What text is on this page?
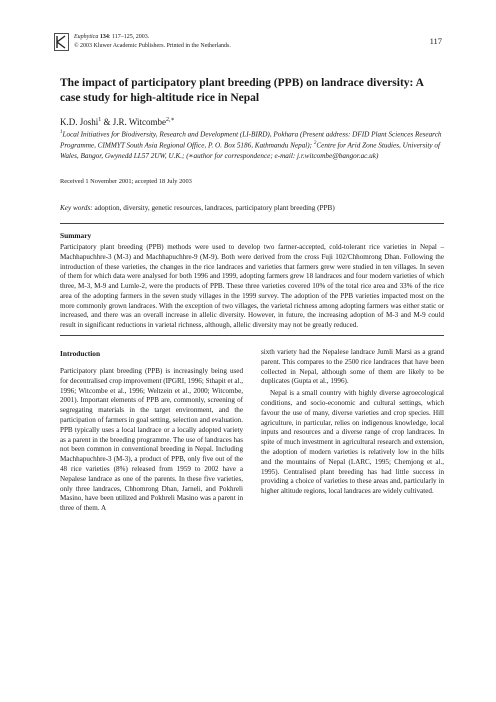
Euphytica 134: 117–125, 2003.
© 2003 Kluwer Academic Publishers. Printed in the Netherlands.	117
The impact of participatory plant breeding (PPB) on landrace diversity: A case study for high-altitude rice in Nepal
K.D. Joshi$^1$ & J.R. Witcombe$^{2,∗}$
$^1$Local Initiatives for Biodiversity, Research and Development (LI-BIRD), Pokhara (Present address: DFID Plant Sciences Research Programme, CIMMYT South Asia Regional Office, P. O. Box 5186, Kathmandu Nepal); $^2$Centre for Arid Zone Studies, University of Wales, Bangor, Gwynedd LL57 2UW, U.K.; (∗author for correspondence; e-mail: j.r.witcombe@bangor.ac.uk)
Received 1 November 2001; accepted 18 July 2003
Key words: adoption, diversity, genetic resources, landraces, participatory plant breeding (PPB)
Summary

Participatory plant breeding (PPB) methods were used to develop two farmer-accepted, cold-tolerant rice varieties in Nepal – Machhapuchhre-3 (M-3) and Machhapuchhre-9 (M-9). Both were derived from the cross Fuji 102/Chhomrong Dhan. Following the introduction of these varieties, the changes in the rice landraces and varieties that farmers grew were studied in ten villages. In seven of them for which data were analysed for both 1996 and 1999, adopting farmers grew 18 landraces and four modern varieties of which three, M-3, M-9 and Lumle-2, were the products of PPB. These three varieties covered 10% of the total rice area and 33% of the rice area of the adopting farmers in the seven study villages in the 1999 survey. The adoption of the PPB varieties impacted most on the more commonly grown landraces. With the exception of two villages, the varietal richness among adopting farmers was either static or increased, and there was an overall increase in allelic diversity. However, in future, the increasing adoption of M-3 and M-9 could result in significant reductions in varietal richness, although, allelic diversity may not be greatly reduced.

Introduction

Participatory plant breeding (PPB) is increasingly being used for decentralised crop improvement (IPGRI, 1996; Sthapit et al., 1996; Witcombe et al., 1996; Weltzein et al., 2000; Witcombe, 2001). Important elements of PPB are, commonly, screening of segregating materials in the target environment, and the participation of farmers in goal setting, selection and evaluation. PPB typically uses a local landrace or a locally adopted variety as a parent in the breeding programme. The use of landraces has not been common in conventional breeding in Nepal. Including Machhapuchhre-3 (M-3), a product of PPB, only five out of the 48 rice varieties (8%) released from 1959 to 2002 have a Nepalese landrace as one of the parents. In these five varieties, only three landraces, Chhomrong Dhan, Jarneli, and Pokhreli Masino, have been utilized and Pokhreli Masino was a parent in three of them. A

sixth variety had the Nepalese landrace Jumli Marsi as a grand parent. This compares to the 2500 rice landraces that have been collected in Nepal, although some of them are likely to be duplicates (Gupta et al., 1996).

Nepal is a small country with highly diverse agroecological conditions, and socio-economic and cultural settings, which favour the use of many, diverse varieties and crop species. Hill agriculture, in particular, relies on indigenous knowledge, local inputs and resources and a diverse range of crop landraces. In spite of much investment in agricultural research and extension, the adoption of modern varieties is relatively low in the hills and the mountains of Nepal (LARC, 1995; Chemjong et al., 1995). Centralised plant breeding has had little success in providing a choice of varieties to these areas and, particularly in higher altitude regions, local landraces are widely cultivated.
